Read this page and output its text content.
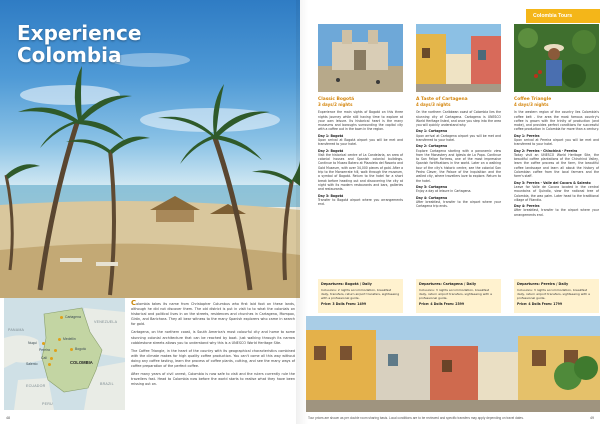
Experience
Colombia
PANAMA
VENEZUELA
ECUADOR
PERU
BRAZIL
Cartagena
Medellín
Bogotá
Nuqui
Pereira
Cali
Salento	COLOMBIA

Colombia takes its name from Christopher Columbus who first laid foot on these lands, although he did not discover them. The old district is put in visit to to what the colonials on historical and political lives in on the streets, residences and churches in Cartagena, Mompox, Girón, and Barichara. They all bear witness to the many Spanish explorers who came in search for gold.

Cartagena, on the northern coast, is South America's most colourful city and home to some stunning colonial architecture that can be reached by boat. Just walking through its narrow cobblestone streets allows you to understand why this is a UNESCO World Heritage Site.

The Coffee Triangle, in the heart of the country with its geographical characteristics combined with the climate makes for high quality coffee production. You can't come all this way without doing any coffee tasting, learn the process of coffee plants, cutting, and see the many ways of coffee preparation of the perfect coffee.

After many years of civil unrest, Colombia is now safe to visit and the rulers currently rule the travellers fast. Head to Colombia now before the world starts to realise what they have been missing out on.

48
Colombia Tours
Classic Bogotá
3 days/2 nights

Experience the main sights of Bogotá on this three nights journey while still having time to explore at your own leisure. Its historical heart is the many museums and boroughs surrounding the capital city with a coffee out in the town in the region.

Day 1: Bogotá

Upon arrival at Bogotá airport you will be met and transferred to your hotel.

Day 2: Bogotá

Visit the historical centre of La Candelaria, an area of colonial houses and Spanish colonial buildings. Continue to Museo Botero at Plazoleta del Rosario and Gold Museum, with over 34,000 pieces of gold. After a trip to the Monserrate hill, walk through the museum, a symbol of Bogotá. Return to the hotel for a short break before heading out and discovering the city at night with its modern restaurants and bars, galleries and restaurants.

Day 3: Bogotá

Transfer to Bogotá airport where you arrangements end.

A Taste of Cartagena
4 days/3 nights

On the northern Caribbean coast of Colombia lies the stunning city of Cartagena. Cartagena is UNESCO World Heritage listed, and once you step into the area you will quickly understand why.

Day 1: Cartagena

Upon arrival at Cartagena airport you will be met and transferred to your hotel.

Day 2: Cartagena

Explore Cartagena starting with a panoramic view from the Monastery and Iglesia de La Popa. Continue to San Felipe Fortress, one of the most impressive Spanish fortifications in the world. Later on a walking tour of the city's historic centre, see the colonial San Pedro Claver, the Palace of the Inquisition and the walled city, where travellers love to explore. Return to the hotel.

Day 3: Cartagena

Enjoy a day at leisure in Cartagena.

Day 4: Cartagena

After breakfast, transfer to the airport where your Cartagena trip ends.

Coffee Triangle
4 days/3 nights

In the western region of the country lies Colombia's coffee belt - the area the most famous country's coffee is grown with the trinity of production (and make), and provides perfect conditions for successful coffee production in Colombia for more than a century.

Day 1: Pereira

Upon arrival at Pereira airport you will be met and transferred to your hotel.

Day 2: Pereira - Chinchiná - Pereira

Today visit an UNESCO World Heritage Site, the beautiful coffee plantations of the Chinchiná Valley, learn the coffee process at the farm, the beautiful coffee landscape and learn all about the history of Colombian coffee from the local farmers and the farm's staff.

Day 3: Pereira - Valle del Cocora & Salento

Leave for Valle de Cocora located in the central mountains of Quindío, view the national tree of Colombia, the wax palm. Later head to the traditional village of Filandia.

Day 4: Pereira

After breakfast, transfer to the airport where your arrangements end.

Departures: Bogotá / Daily
Inclusions: 2 nights accommodation, breakfast daily, transfers, return airport transfers, sightseeing with a professional guide.
Price: 3 Dolls From: 1499
Departures: Cartagena / Daily
Inclusions: 3 nights accommodation, breakfast daily, return airport transfers, sightseeing with a professional guide.
Price: 4 Dolls From: 2399
Departures: Pereira / Daily
Inclusions: 3 nights accommodation, breakfast daily, return airport transfers, sightseeing with a professional guide.
Price: 4 Dolls From: 1799
Tour prices are shown as per double room sharing basis. Local conditions are to be reviewed and specific transfers may apply depending on travel dates.	49
